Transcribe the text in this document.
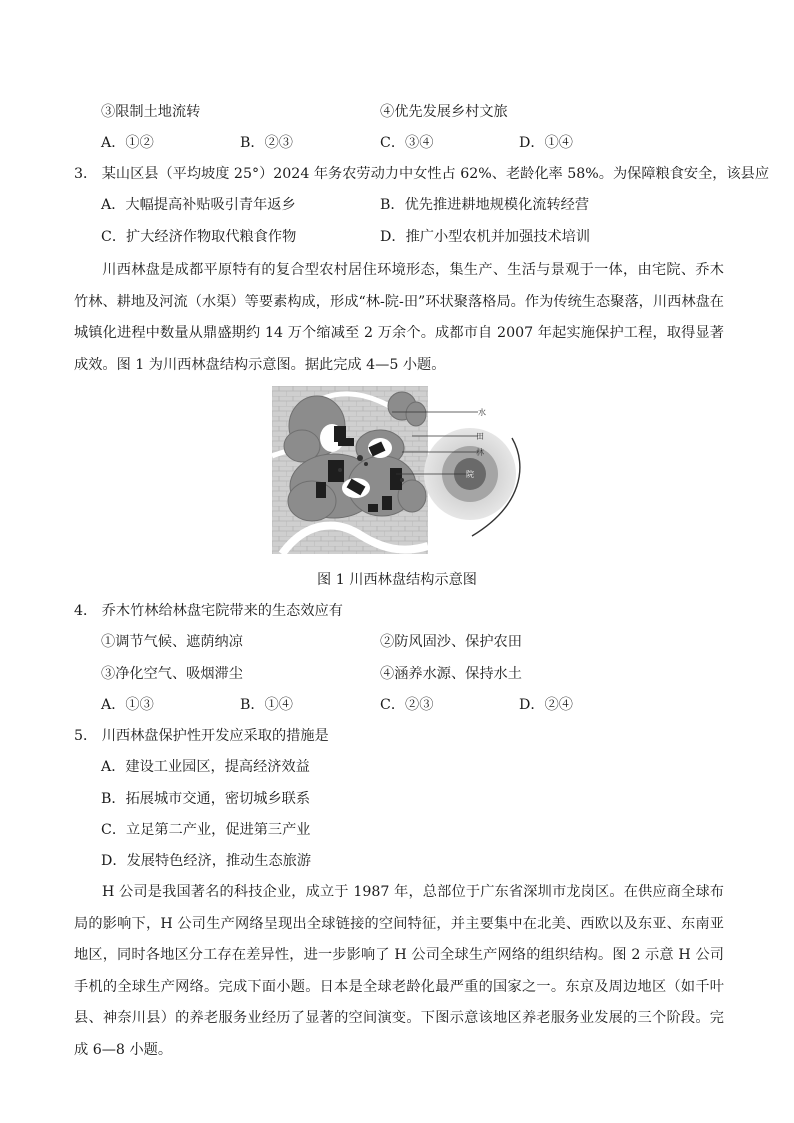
③限制土地流转	④优先发展乡村文旅
A．①②	B．②③	C．③④	D．①④
3． 某山区县（平均坡度 25°）2024 年务农劳动力中女性占 62%、老龄化率 58%。为保障粮食安全，该县应
A．大幅提高补贴吸引青年返乡	B．优先推进耕地规模化流转经营
C．扩大经济作物取代粮食作物	D．推广小型农机并加强技术培训
川西林盘是成都平原特有的复合型农村居住环境形态，集生产、生活与景观于一体，由宅院、乔木竹林、耕地及河流（水渠）等要素构成，形成“林-院-田”环状聚落格局。作为传统生态聚落，川西林盘在城镇化进程中数量从鼎盛期约 14 万个缩减至 2 万余个。成都市自 2007 年起实施保护工程，取得显著成效。图 1 为川西林盘结构示意图。据此完成 4—5 小题。
水
田
林
院
图 1 川西林盘结构示意图
4． 乔木竹林给林盘宅院带来的生态效应有
①调节气候、遮荫纳凉	②防风固沙、保护农田
③净化空气、吸烟滞尘	④涵养水源、保持水土
A．①③	B．①④	C．②③	D．②④
5． 川西林盘保护性开发应采取的措施是
A．建设工业园区，提高经济效益
B．拓展城市交通，密切城乡联系
C．立足第二产业，促进第三产业
D．发展特色经济，推动生态旅游
H 公司是我国著名的科技企业，成立于 1987 年，总部位于广东省深圳市龙岗区。在供应商全球布局的影响下，H 公司生产网络呈现出全球链接的空间特征，并主要集中在北美、西欧以及东亚、东南亚地区，同时各地区分工存在差异性，进一步影响了 H 公司全球生产网络的组织结构。图 2 示意 H 公司手机的全球生产网络。完成下面小题。日本是全球老龄化最严重的国家之一。东京及周边地区（如千叶县、神奈川县）的养老服务业经历了显著的空间演变。下图示意该地区养老服务业发展的三个阶段。完成 6—8 小题。
